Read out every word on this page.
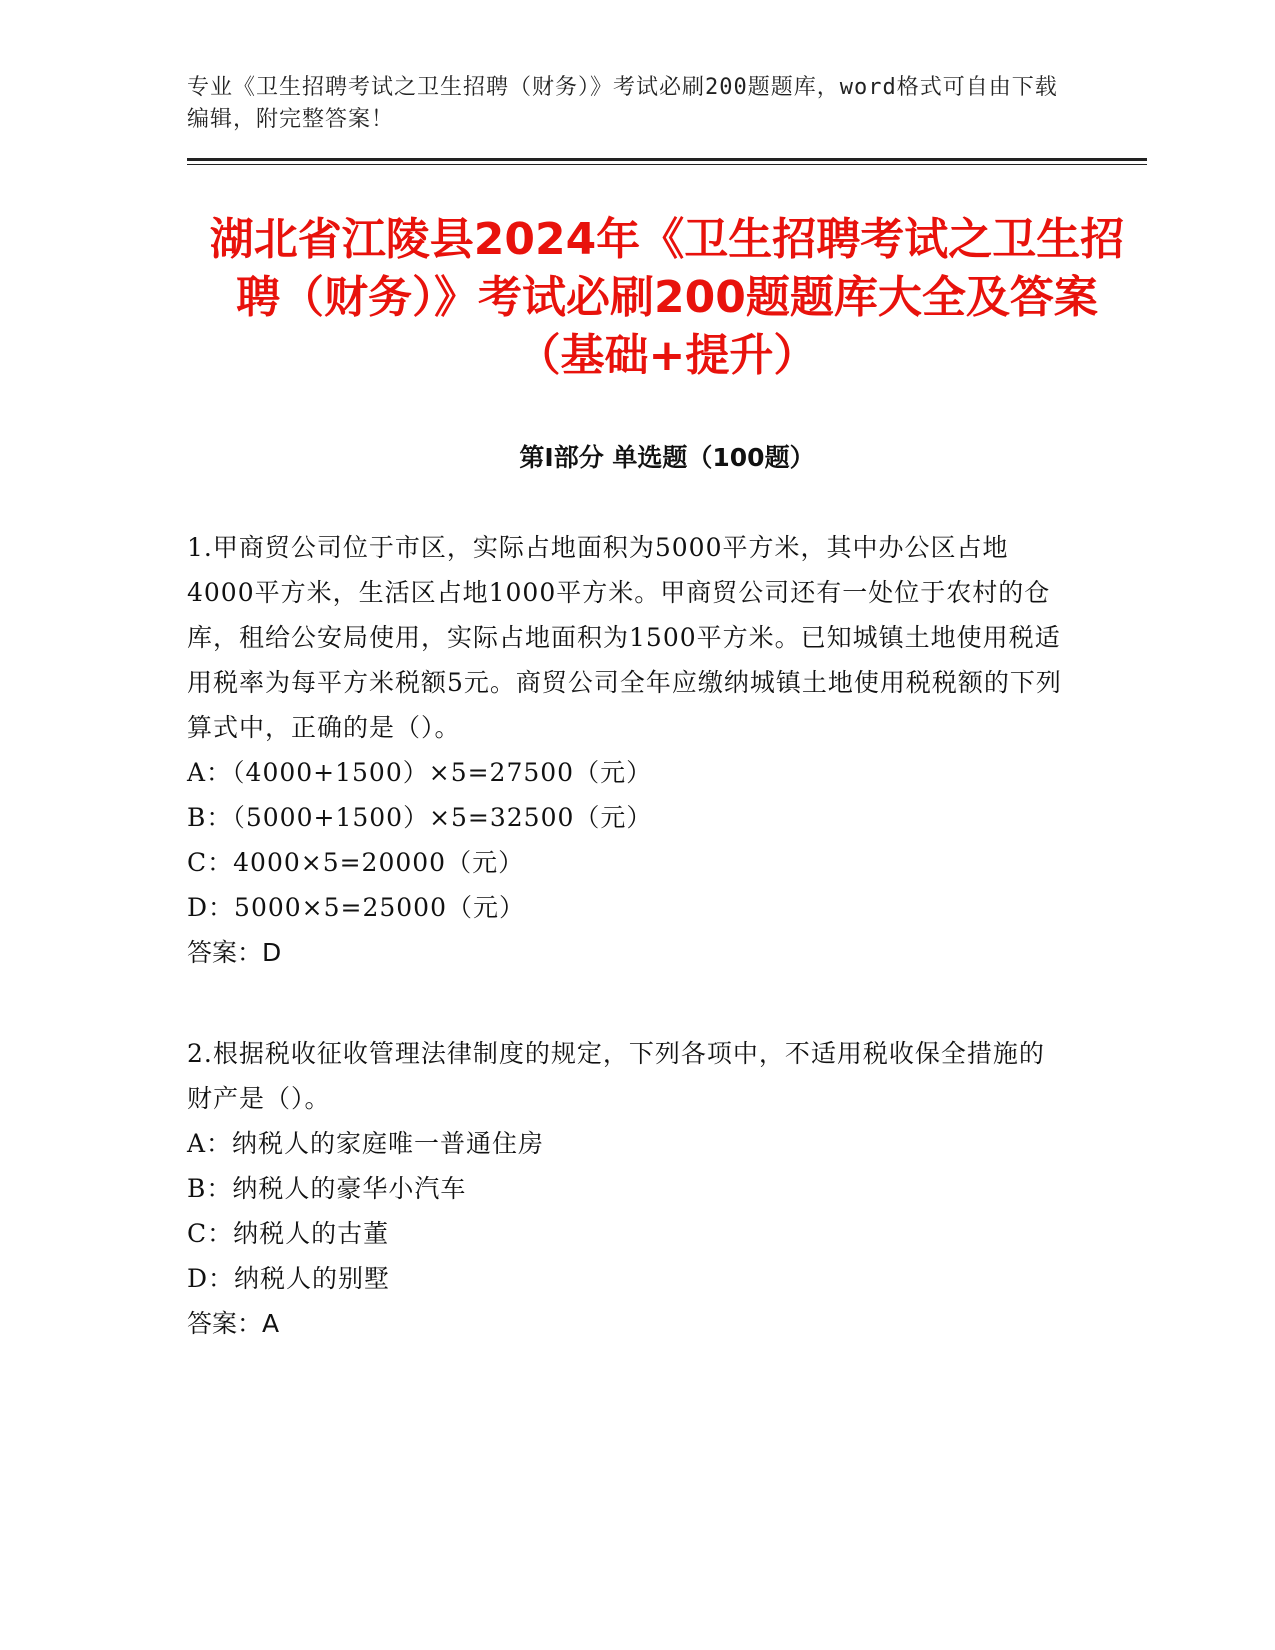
专业《卫生招聘考试之卫生招聘（财务）》考试必刷200题题库，word格式可自由下载编辑，附完整答案！

湖北省江陵县2024年《卫生招聘考试之卫生招聘（财务）》考试必刷200题题库大全及答案（基础+提升）
第I部分 单选题（100题）

1.甲商贸公司位于市区，实际占地面积为5000平方米，其中办公区占地4000平方米，生活区占地1000平方米。甲商贸公司还有一处位于农村的仓库，租给公安局使用，实际占地面积为1500平方米。已知城镇土地使用税适用税率为每平方米税额5元。商贸公司全年应缴纳城镇土地使用税税额的下列算式中，正确的是（）。

A：（4000+1500）×5=27500（元）

B：（5000+1500）×5=32500（元）

C：4000×5=20000（元）

D：5000×5=25000（元）

答案：D

2.根据税收征收管理法律制度的规定，下列各项中，不适用税收保全措施的财产是（）。

A：纳税人的家庭唯一普通住房

B：纳税人的豪华小汽车

C：纳税人的古董

D：纳税人的别墅

答案：A
